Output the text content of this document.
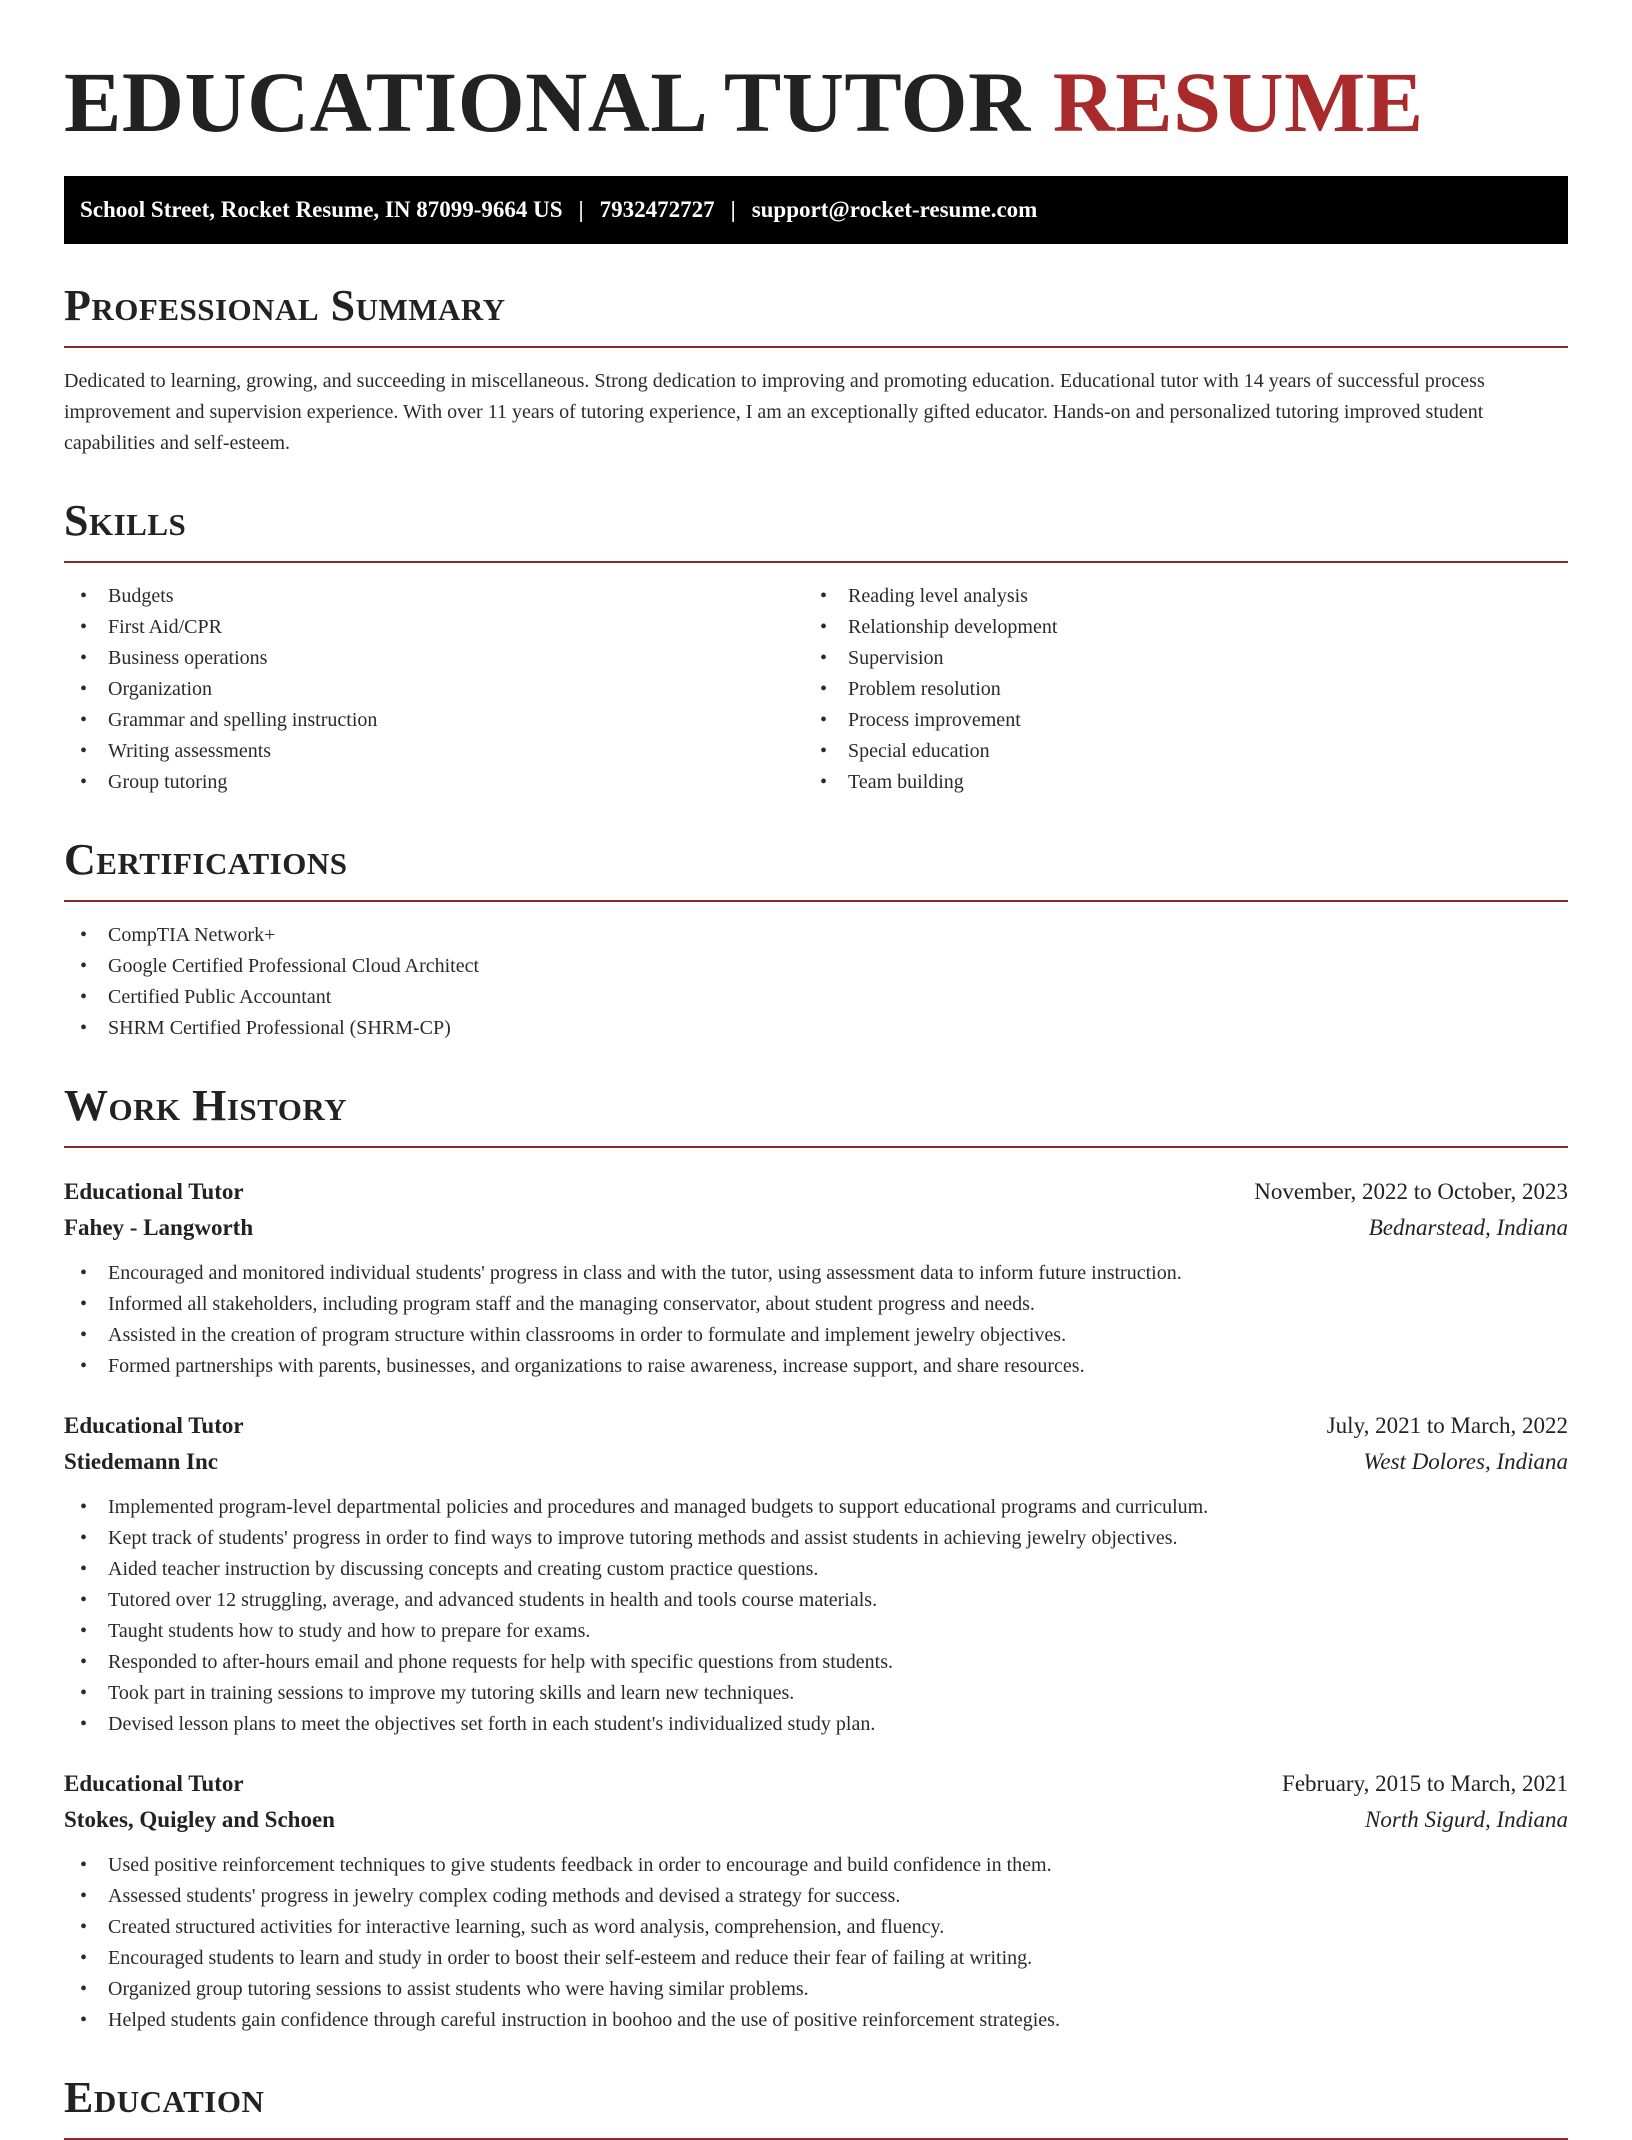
EDUCATIONAL TUTOR RESUME
School Street, Rocket Resume, IN 87099-9664 US | 7932472727 | support@rocket-resume.com
Professional Summary

Dedicated to learning, growing, and succeeding in miscellaneous. Strong dedication to improving and promoting education. Educational tutor with 14 years of successful process improvement and supervision experience. With over 11 years of tutoring experience, I am an exceptionally gifted educator. Hands-on and personalized tutoring improved student capabilities and self-esteem.

Skills
• Budgets
• First Aid/CPR
• Business operations
• Organization
• Grammar and spelling instruction
• Writing assessments
• Group tutoring
• Reading level analysis
• Relationship development
• Supervision
• Problem resolution
• Process improvement
• Special education
• Team building
Certifications
• CompTIA Network+
• Google Certified Professional Cloud Architect
• Certified Public Accountant
• SHRM Certified Professional (SHRM-CP)
Work History
Educational Tutor	November, 2022 to October, 2023
Fahey - Langworth	Bednarstead, Indiana
• Encouraged and monitored individual students' progress in class and with the tutor, using assessment data to inform future instruction.
• Informed all stakeholders, including program staff and the managing conservator, about student progress and needs.
• Assisted in the creation of program structure within classrooms in order to formulate and implement jewelry objectives.
• Formed partnerships with parents, businesses, and organizations to raise awareness, increase support, and share resources.
Educational Tutor	July, 2021 to March, 2022
Stiedemann Inc	West Dolores, Indiana
• Implemented program-level departmental policies and procedures and managed budgets to support educational programs and curriculum.
• Kept track of students' progress in order to find ways to improve tutoring methods and assist students in achieving jewelry objectives.
• Aided teacher instruction by discussing concepts and creating custom practice questions.
• Tutored over 12 struggling, average, and advanced students in health and tools course materials.
• Taught students how to study and how to prepare for exams.
• Responded to after-hours email and phone requests for help with specific questions from students.
• Took part in training sessions to improve my tutoring skills and learn new techniques.
• Devised lesson plans to meet the objectives set forth in each student's individualized study plan.
Educational Tutor	February, 2015 to March, 2021
Stokes, Quigley and Schoen	North Sigurd, Indiana
• Used positive reinforcement techniques to give students feedback in order to encourage and build confidence in them.
• Assessed students' progress in jewelry complex coding methods and devised a strategy for success.
• Created structured activities for interactive learning, such as word analysis, comprehension, and fluency.
• Encouraged students to learn and study in order to boost their self-esteem and reduce their fear of failing at writing.
• Organized group tutoring sessions to assist students who were having similar problems.
• Helped students gain confidence through careful instruction in boohoo and the use of positive reinforcement strategies.
Education
